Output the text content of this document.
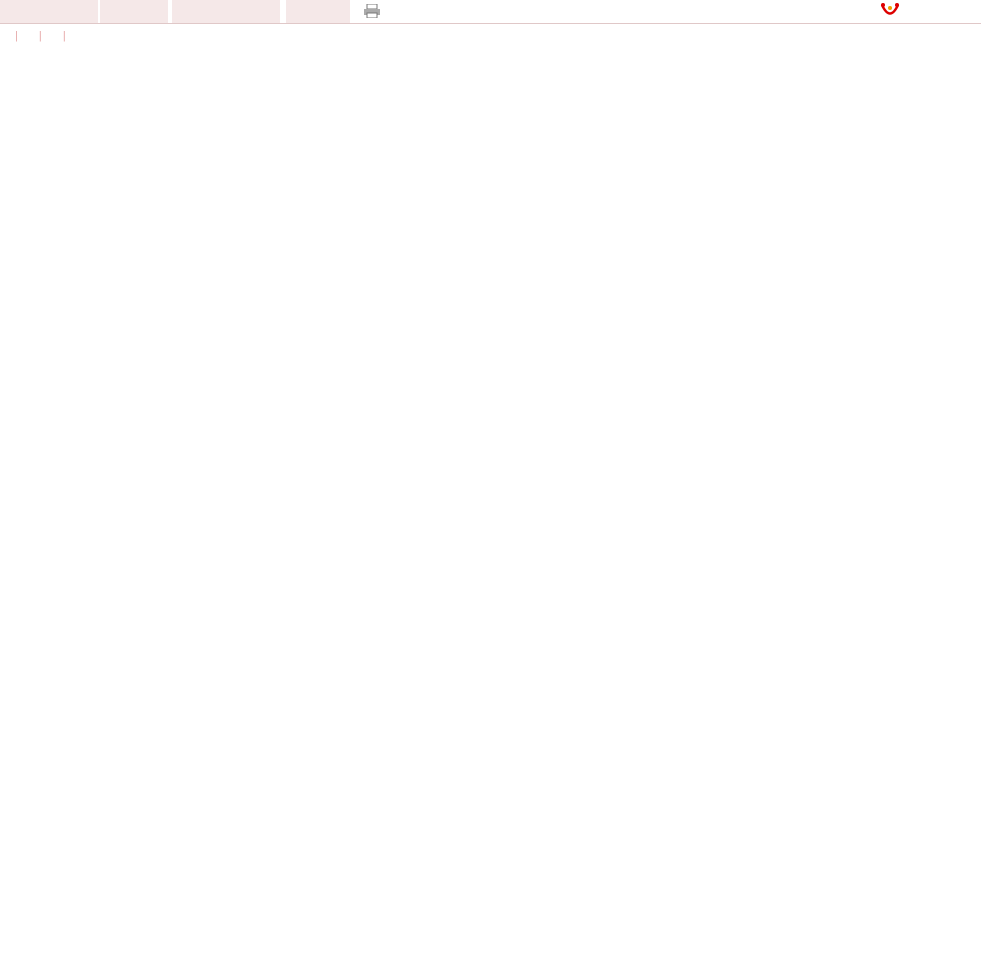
| | |
